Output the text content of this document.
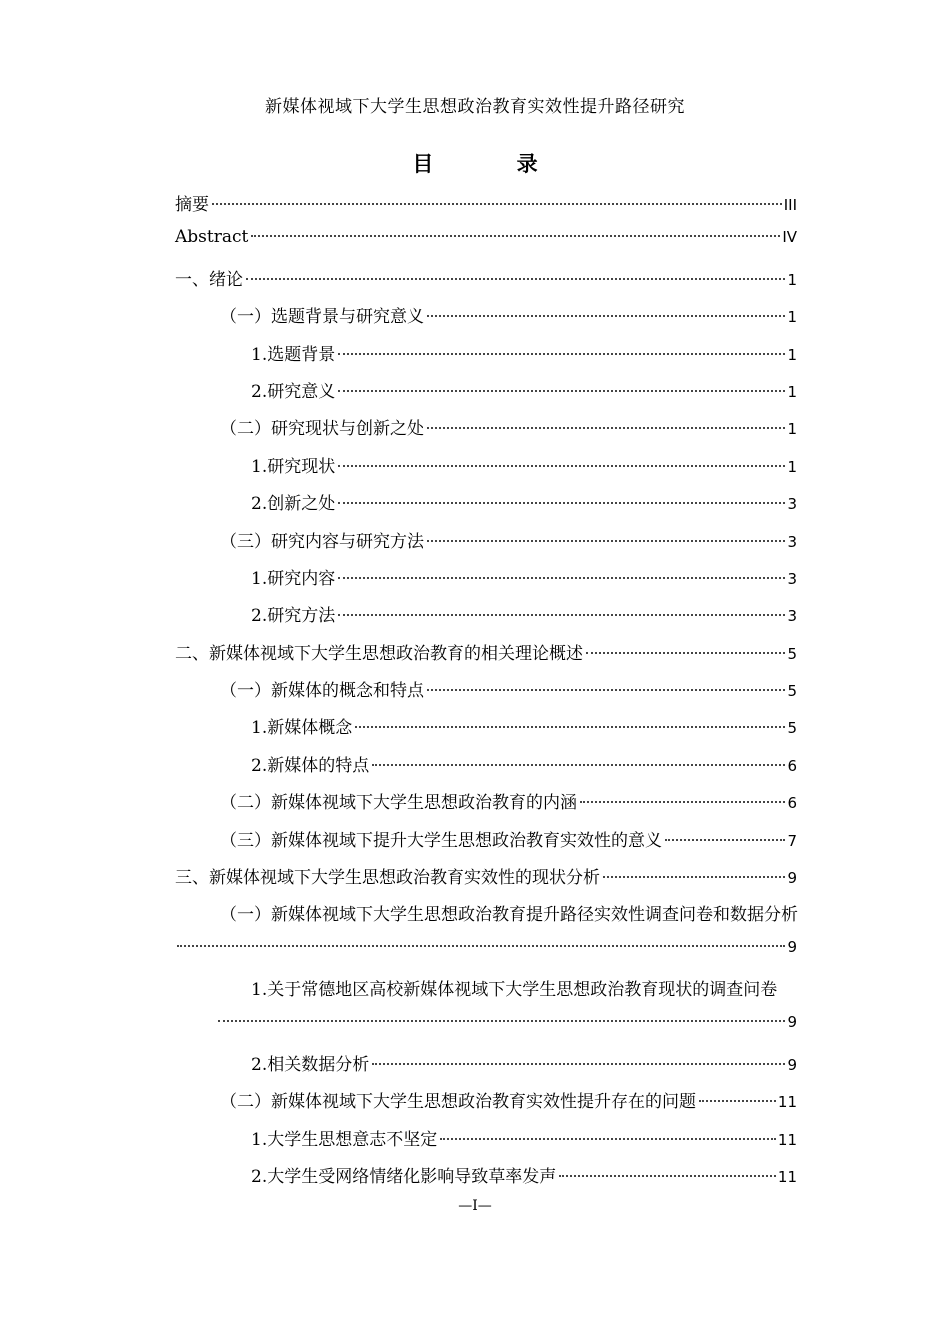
新媒体视域下大学生思想政治教育实效性提升路径研究
目 录
摘要	III
Abstract	IV
一、绪论	1
（一）选题背景与研究意义	1
1.选题背景	1
2.研究意义	1
（二）研究现状与创新之处	1
1.研究现状	1
2.创新之处	3
（三）研究内容与研究方法	3
1.研究内容	3
2.研究方法	3
二、新媒体视域下大学生思想政治教育的相关理论概述	5
（一）新媒体的概念和特点	5
1.新媒体概念	5
2.新媒体的特点	6
（二）新媒体视域下大学生思想政治教育的内涵	6
（三）新媒体视域下提升大学生思想政治教育实效性的意义	7
三、新媒体视域下大学生思想政治教育实效性的现状分析	9
（一）新媒体视域下大学生思想政治教育提升路径实效性调查问卷和数据分析
9
1.关于常德地区高校新媒体视域下大学生思想政治教育现状的调查问卷
9
2.相关数据分析	9
（二）新媒体视域下大学生思想政治教育实效性提升存在的问题	11
1.大学生思想意志不坚定	11
2.大学生受网络情绪化影响导致草率发声	11
—I—
